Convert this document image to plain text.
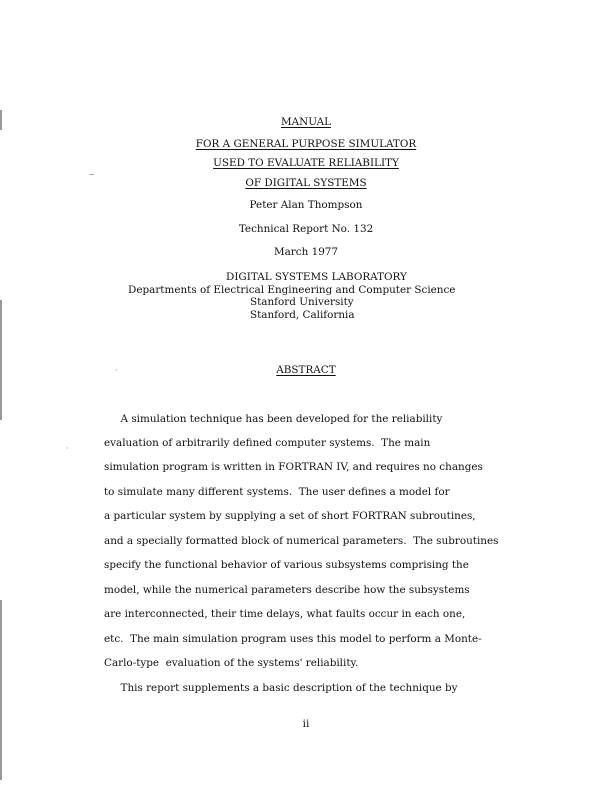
~
·
·
MANUAL
FOR A GENERAL PURPOSE SIMULATOR
USED TO EVALUATE RELIABILITY
OF DIGITAL SYSTEMS
Peter Alan Thompson
Technical Report No. 132
March 1977
DIGITAL SYSTEMS LABORATORY
Departments of Electrical Engineering and Computer Science
Stanford University
Stanford, California
ABSTRACT
A simulation technique has been developed for the reliability
evaluation of arbitrarily defined computer systems.  The main
simulation program is written in FORTRAN IV, and requires no changes
to simulate many different systems.  The user defines a model for
a particular system by supplying a set of short FORTRAN subroutines,
and a specially formatted block of numerical parameters.  The subroutines
specify the functional behavior of various subsystems comprising the
model, while the numerical parameters describe how the subsystems
are interconnected, their time delays, what faults occur in each one,
etc.  The main simulation program uses this model to perform a Monte-
Carlo-type  evaluation of the systems' reliability.
This report supplements a basic description of the technique by
ii
